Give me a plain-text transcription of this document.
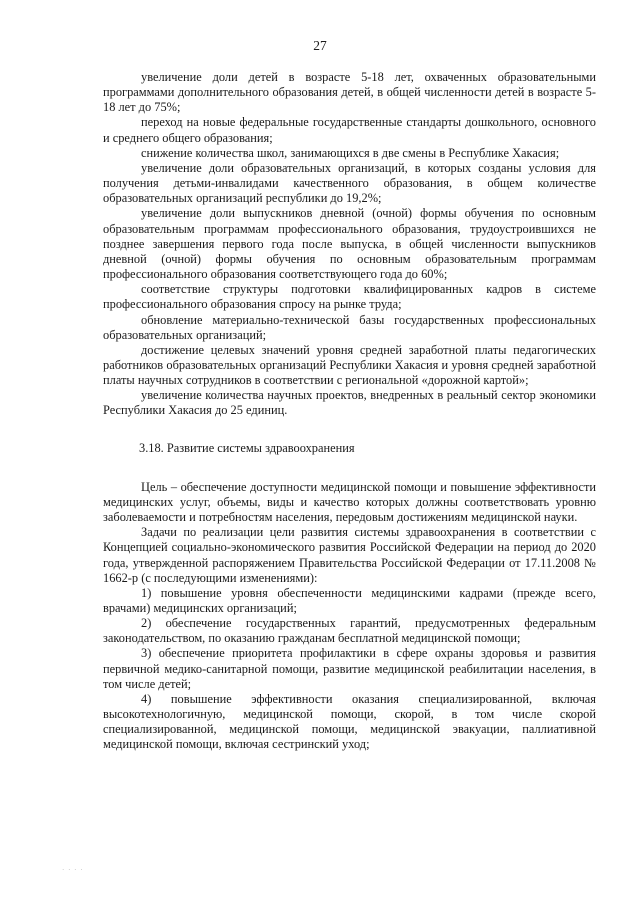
27

увеличение доли детей в возрасте 5-18 лет, охваченных образовательными программами дополнительного образования детей, в общей численности детей в возрасте 5-18 лет до 75%;

переход на новые федеральные государственные стандарты дошкольного, основного и среднего общего образования;

снижение количества школ, занимающихся в две смены в Республике Хакасия;

увеличение доли образовательных организаций, в которых созданы условия для получения детьми-инвалидами качественного образования, в общем количестве образовательных организаций республики до 19,2%;

увеличение доли выпускников дневной (очной) формы обучения по основным образовательным программам профессионального образования, трудоустроившихся не позднее завершения первого года после выпуска, в общей численности выпускников дневной (очной) формы обучения по основным образовательным программам профессионального образования соответствующего года до 60%;

соответствие структуры подготовки квалифицированных кадров в системе профессионального образования спросу на рынке труда;

обновление материально-технической базы государственных профессиональных образовательных организаций;

достижение целевых значений уровня средней заработной платы педагогических работников образовательных организаций Республики Хакасия и уровня средней заработной платы научных сотрудников в соответствии с региональной «дорожной картой»;

увеличение количества научных проектов, внедренных в реальный сектор экономики Республики Хакасия до 25 единиц.

3.18. Развитие системы здравоохранения

Цель – обеспечение доступности медицинской помощи и повышение эффективности медицинских услуг, объемы, виды и качество которых должны соответствовать уровню заболеваемости и потребностям населения, передовым достижениям медицинской науки.

Задачи по реализации цели развития системы здравоохранения в соответствии с Концепцией социально-экономического развития Российской Федерации на период до 2020 года, утвержденной распоряжением Правительства Российской Федерации от 17.11.2008 № 1662-р (с последующими изменениями):

1) повышение уровня обеспеченности медицинскими кадрами (прежде всего, врачами) медицинских организаций;

2) обеспечение государственных гарантий, предусмотренных федеральным законодательством, по оказанию гражданам бесплатной медицинской помощи;

3) обеспечение приоритета профилактики в сфере охраны здоровья и развития первичной медико-санитарной помощи, развитие медицинской реабилитации населения, в том числе детей;

4) повышение эффективности оказания специализированной, включая высокотехнологичную, медицинской помощи, скорой, в том числе скорой специализированной, медицинской помощи, медицинской эвакуации, паллиативной медицинской помощи, включая сестринский уход;

· · · ·
